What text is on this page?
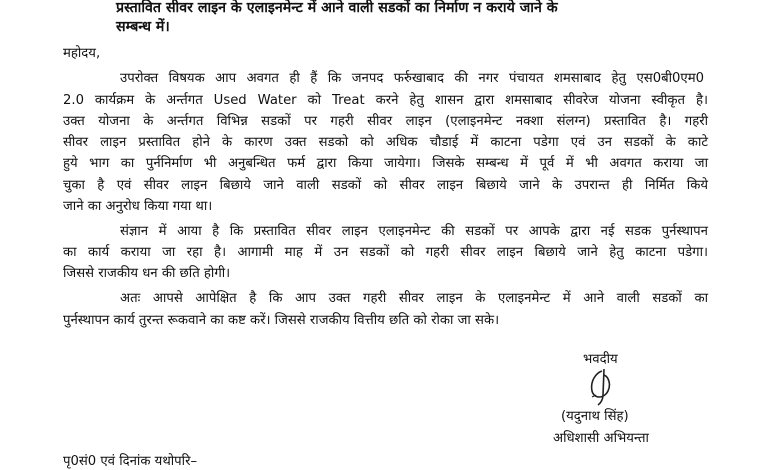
प्रस्तावित सीवर लाइन के एलाइनमेन्ट में आने वाली सडकों का निर्माण न कराये जाने के
सम्बन्ध में।
महोदय,
उपरोक्त विषयक आप अवगत ही हैं कि जनपद फर्रुखाबाद की नगर पंचायत शमसाबाद हेतु एस0बी0एम0
2.0 कार्यक्रम के अर्न्तगत Used Water को Treat करने हेतु शासन द्वारा शमसाबाद सीवरेज योजना स्वीकृत है।
उक्त योजना के अर्न्तगत विभिन्न सडकों पर गहरी सीवर लाइन (एलाइनमेन्ट नक्शा संलग्न) प्रस्तावित है। गहरी
सीवर लाइन प्रस्तावित होने के कारण उक्त सडको को अधिक चौडाई में काटना पडेगा एवं उन सडकों के काटे
हुये भाग का पुर्ननिर्माण भी अनुबन्धित फर्म द्वारा किया जायेगा। जिसके सम्बन्ध में पूर्व में भी अवगत कराया जा
चुका है एवं सीवर लाइन बिछाये जाने वाली सडकों को सीवर लाइन बिछाये जाने के उपरान्त ही निर्मित किये
जाने का अनुरोध किया गया था।
संज्ञान में आया है कि प्रस्तावित सीवर लाइन एलाइनमेन्ट की सडकों पर आपके द्वारा नई सडक पुर्नस्थापन
का कार्य कराया जा रहा है। आगामी माह में उन सडकों को गहरी सीवर लाइन बिछाये जाने हेतु काटना पडेगा।
जिससे राजकीय धन की छति होगी।
अतः आपसे आपेक्षित है कि आप उक्त गहरी सीवर लाइन के एलाइनमेन्ट में आने वाली सडकों का
पुर्नस्थापन कार्य तुरन्त रूकवाने का कष्ट करें। जिससे राजकीय वित्तीय छति को रोका जा सके।
भवदीय
(यदुनाथ सिंह)
अधिशासी अभियन्ता
पृ0सं0 एवं दिनांक यथोपरि–
